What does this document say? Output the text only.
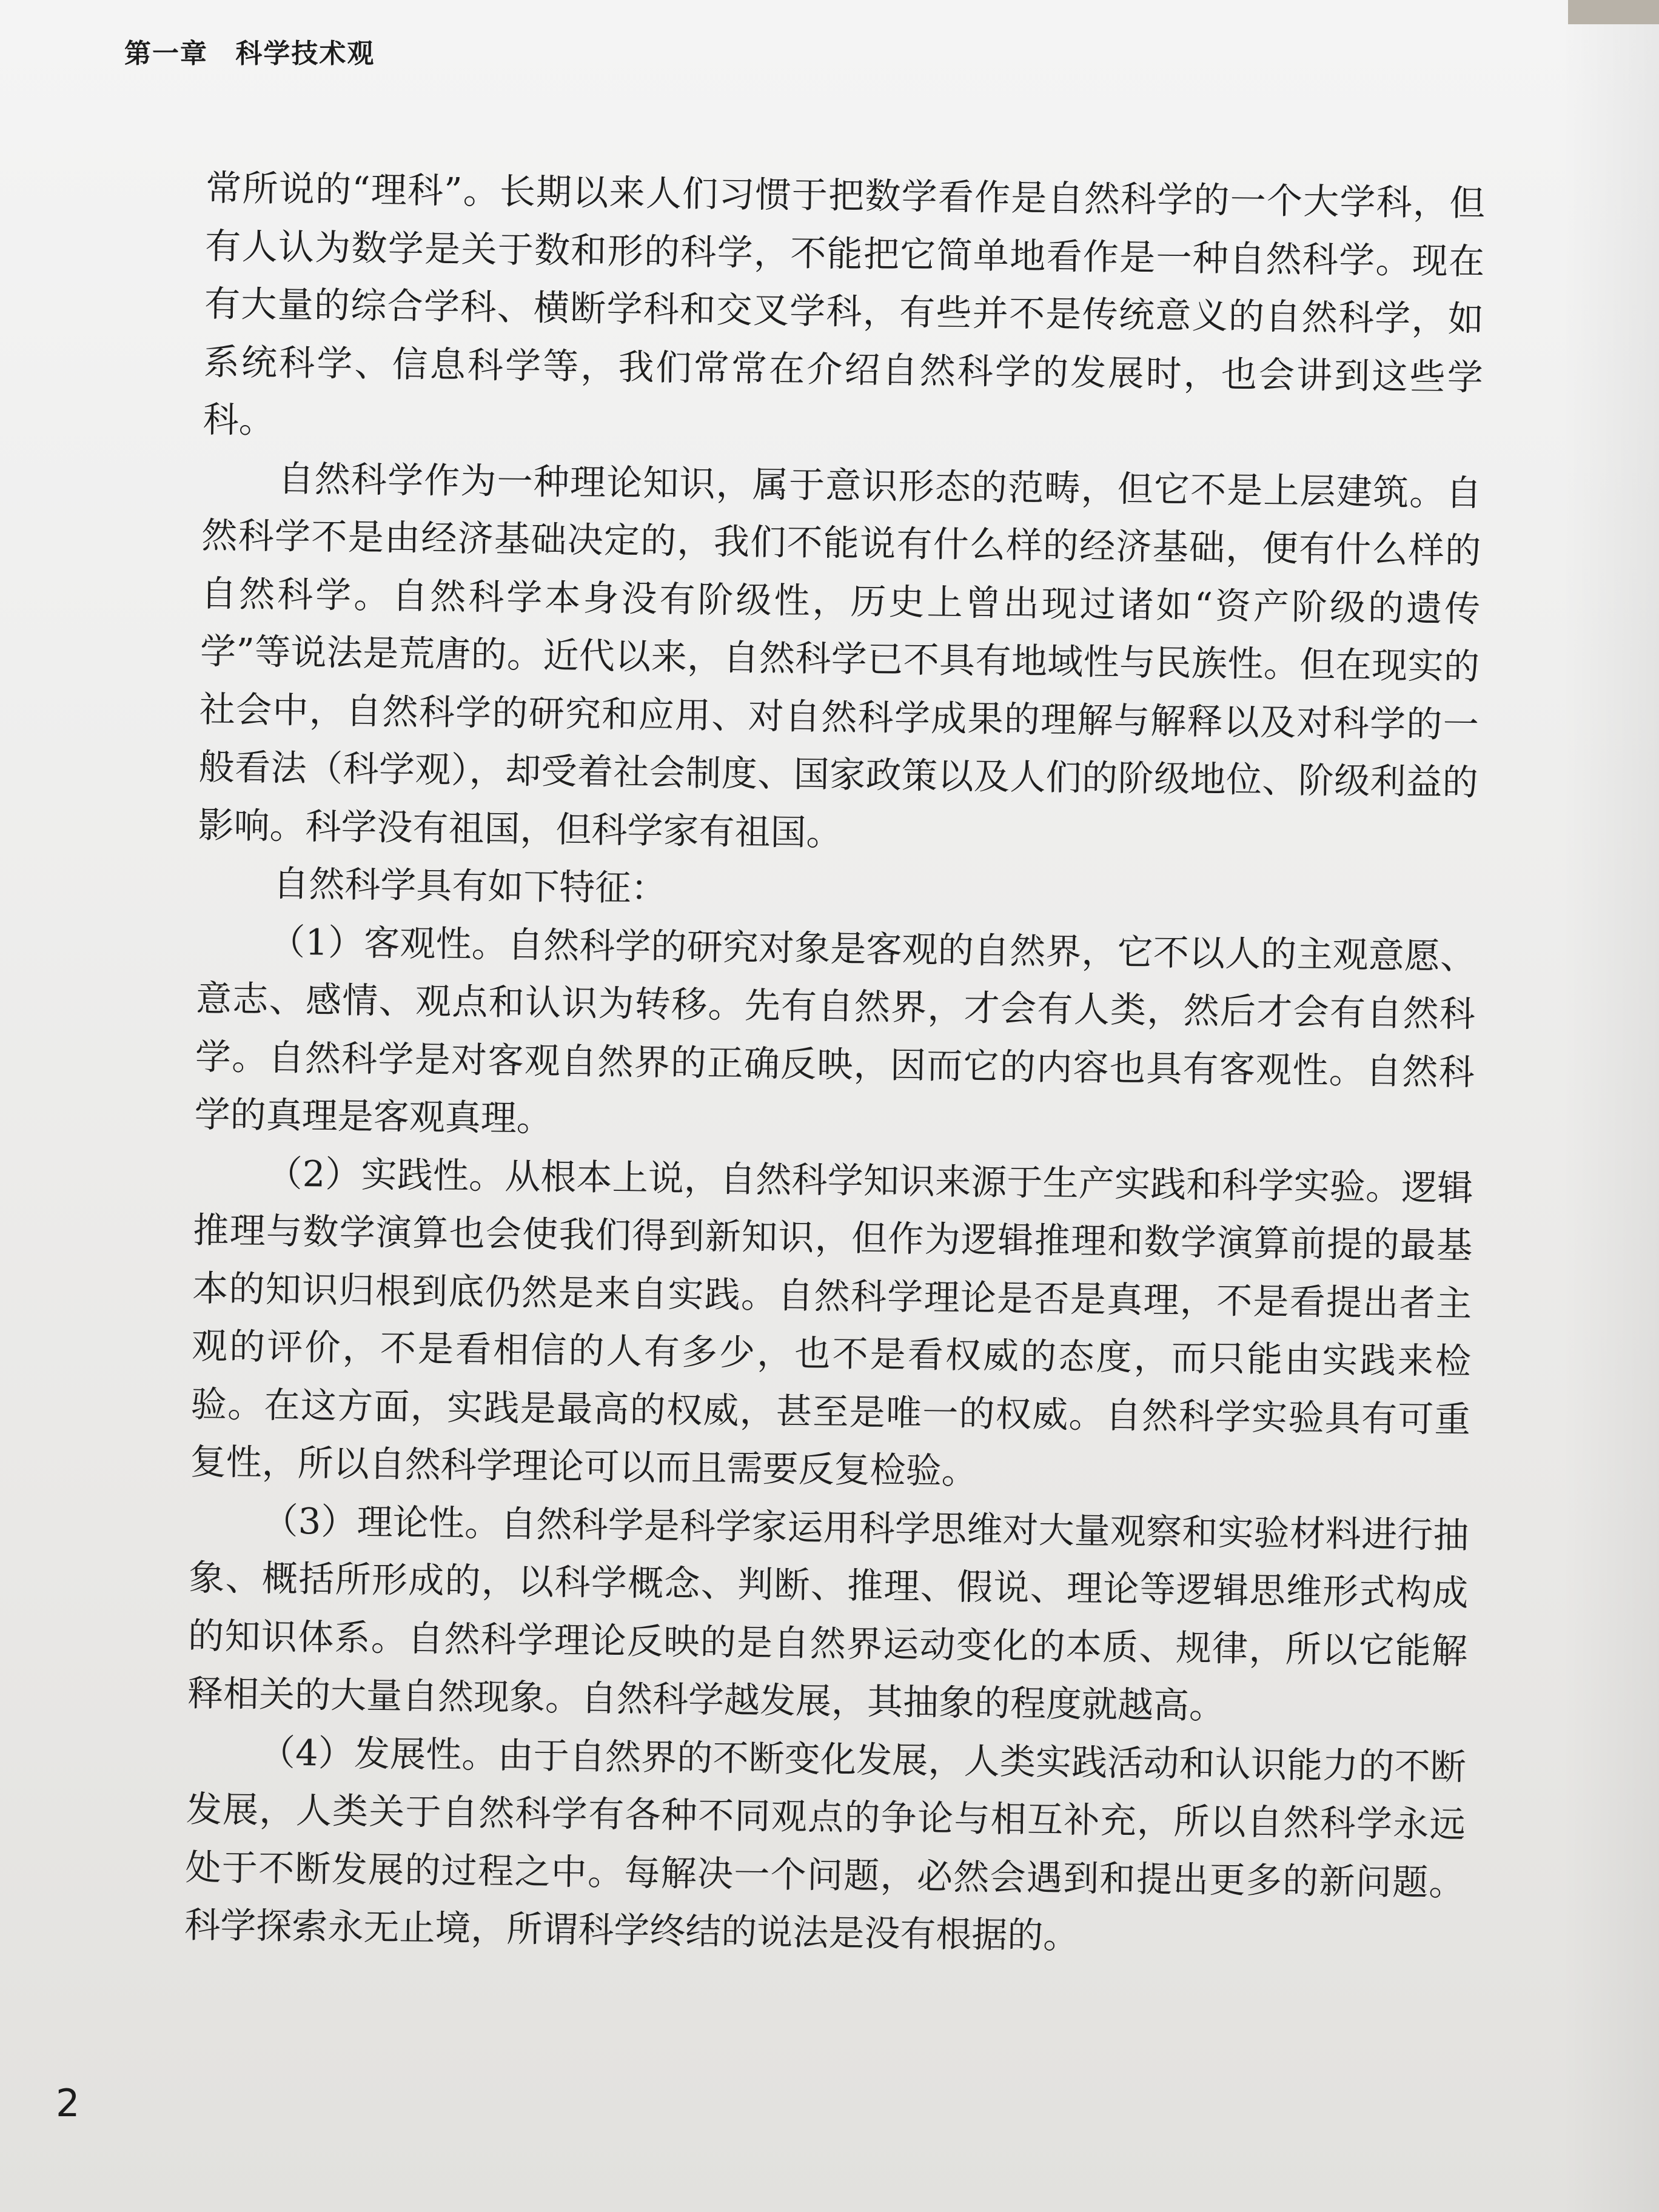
第一章 科学技术观

常所说的“理科”。长期以来人们习惯于把数学看作是自然科学的一个大学科，但有人认为数学是关于数和形的科学，不能把它简单地看作是一种自然科学。现在有大量的综合学科、横断学科和交叉学科，有些并不是传统意义的自然科学，如系统科学、信息科学等，我们常常在介绍自然科学的发展时，也会讲到这些学科。

自然科学作为一种理论知识，属于意识形态的范畴，但它不是上层建筑。自然科学不是由经济基础决定的，我们不能说有什么样的经济基础，便有什么样的自然科学。自然科学本身没有阶级性，历史上曾出现过诸如“资产阶级的遗传学”等说法是荒唐的。近代以来，自然科学已不具有地域性与民族性。但在现实的社会中，自然科学的研究和应用、对自然科学成果的理解与解释以及对科学的一般看法（科学观），却受着社会制度、国家政策以及人们的阶级地位、阶级利益的影响。科学没有祖国，但科学家有祖国。

自然科学具有如下特征：

（1）客观性。自然科学的研究对象是客观的自然界，它不以人的主观意愿、意志、感情、观点和认识为转移。先有自然界，才会有人类，然后才会有自然科学。自然科学是对客观自然界的正确反映，因而它的内容也具有客观性。自然科学的真理是客观真理。

（2）实践性。从根本上说，自然科学知识来源于生产实践和科学实验。逻辑推理与数学演算也会使我们得到新知识，但作为逻辑推理和数学演算前提的最基本的知识归根到底仍然是来自实践。自然科学理论是否是真理，不是看提出者主观的评价，不是看相信的人有多少，也不是看权威的态度，而只能由实践来检验。在这方面，实践是最高的权威，甚至是唯一的权威。自然科学实验具有可重复性，所以自然科学理论可以而且需要反复检验。

（3）理论性。自然科学是科学家运用科学思维对大量观察和实验材料进行抽象、概括所形成的，以科学概念、判断、推理、假说、理论等逻辑思维形式构成的知识体系。自然科学理论反映的是自然界运动变化的本质、规律，所以它能解释相关的大量自然现象。自然科学越发展，其抽象的程度就越高。

（4）发展性。由于自然界的不断变化发展，人类实践活动和认识能力的不断发展，人类关于自然科学有各种不同观点的争论与相互补充，所以自然科学永远处于不断发展的过程之中。每解决一个问题，必然会遇到和提出更多的新问题。科学探索永无止境，所谓科学终结的说法是没有根据的。

2
